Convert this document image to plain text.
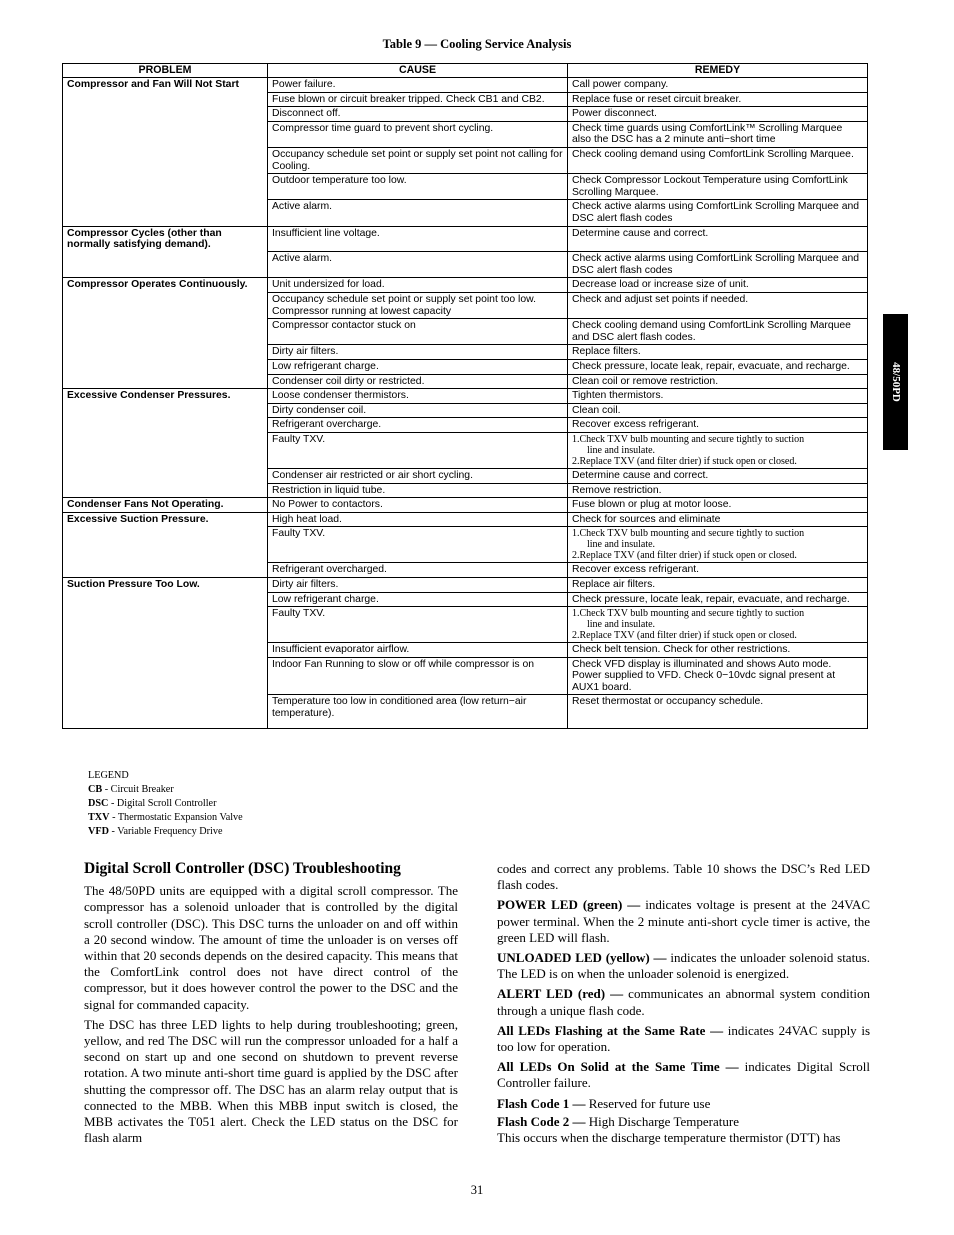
Table 9 — Cooling Service Analysis
PROBLEM	CAUSE	REMEDY
Compressor and Fan Will Not Start	Power failure.	Call power company.
	Fuse blown or circuit breaker tripped. Check CB1 and CB2.	Replace fuse or reset circuit breaker.
	Disconnect off.	Power disconnect.
	Compressor time guard to prevent short cycling.	Check time guards using ComfortLink™ Scrolling Marquee also the DSC has a 2 minute anti−short time
	Occupancy schedule set point or supply set point not calling for Cooling.	Check cooling demand using ComfortLink Scrolling Marquee.
	Outdoor temperature too low.	Check Compressor Lockout Temperature using ComfortLink Scrolling Marquee.
	Active alarm.	Check active alarms using ComfortLink Scrolling Marquee and DSC alert flash codes
Compressor Cycles (other than normally satisfying demand).	Insufficient line voltage.	Determine cause and correct.
	Active alarm.	Check active alarms using ComfortLink Scrolling Marquee and DSC alert flash codes
Compressor Operates Continuously.	Unit undersized for load.	Decrease load or increase size of unit.
	Occupancy schedule set point or supply set point too low. Compressor running at lowest capacity	Check and adjust set points if needed.
	Compressor contactor stuck on	Check cooling demand using ComfortLink Scrolling Marquee and DSC alert flash codes.
	Dirty air filters.	Replace filters.
	Low refrigerant charge.	Check pressure, locate leak, repair, evacuate, and recharge.
	Condenser coil dirty or restricted.	Clean coil or remove restriction.
Excessive Condenser Pressures.	Loose condenser thermistors.	Tighten thermistors.
	Dirty condenser coil.	Clean coil.
	Refrigerant overcharge.	Recover excess refrigerant.
	Faulty TXV.	1.Check TXV bulb mounting and secure tightly to suction
line and insulate.
2.Replace TXV (and filter drier) if stuck open or closed.

	Condenser air restricted or air short cycling.	Determine cause and correct.
	Restriction in liquid tube.	Remove restriction.
Condenser Fans Not Operating.	No Power to contactors.	Fuse blown or plug at motor loose.
Excessive Suction Pressure.	High heat load.	Check for sources and eliminate
	Faulty TXV.	1.Check TXV bulb mounting and secure tightly to suction
line and insulate.
2.Replace TXV (and filter drier) if stuck open or closed.

	Refrigerant overcharged.	Recover excess refrigerant.
Suction Pressure Too Low.	Dirty air filters.	Replace air filters.
	Low refrigerant charge.	Check pressure, locate leak, repair, evacuate, and recharge.
	Faulty TXV.	1.Check TXV bulb mounting and secure tightly to suction
line and insulate.
2.Replace TXV (and filter drier) if stuck open or closed.

	Insufficient evaporator airflow.	Check belt tension. Check for other restrictions.
	Indoor Fan Running to slow or off while compressor is on	Check VFD display is illuminated and shows Auto mode. Power supplied to VFD. Check 0−10vdc signal present at AUX1 board.
	Temperature too low in conditioned area (low return−air temperature).	Reset thermostat or occupancy schedule.
LEGEND
CB - Circuit Breaker
DSC - Digital Scroll Controller
TXV - Thermostatic Expansion Valve
VFD - Variable Frequency Drive
48/50PD
Digital Scroll Controller (DSC) Troubleshooting

The 48/50PD units are equipped with a digital scroll compressor. The compressor has a solenoid unloader that is controlled by the digital scroll controller (DSC). This DSC turns the unloader on and off within a 20 second window. The amount of time the unloader is on verses off within that 20 seconds depends on the desired capacity. This means that the ComfortLink control does not have direct control of the compressor, but it does however control the power to the DSC and the signal for commanded capacity.

The DSC has three LED lights to help during troubleshooting; green, yellow, and red The DSC will run the compressor unloaded for a half a second on start up and one second on shutdown to prevent reverse rotation. A two minute anti-short time guard is applied by the DSC after shutting the compressor off. The DSC has an alarm relay output that is connected to the MBB. When this MBB input switch is closed, the MBB activates the T051 alert. Check the LED status on the DSC for flash alarm

codes and correct any problems. Table 10 shows the DSC’s Red LED flash codes.

POWER LED (green) — indicates voltage is present at the 24VAC power terminal. When the 2 minute anti-short cycle timer is active, the green LED will flash.

UNLOADED LED (yellow) — indicates the unloader solenoid status. The LED is on when the unloader solenoid is energized.

ALERT LED (red) — communicates an abnormal system condition through a unique flash code.

All LEDs Flashing at the Same Rate — indicates 24VAC supply is too low for operation.

All LEDs On Solid at the Same Time — indicates Digital Scroll Controller failure.

Flash Code 1 — Reserved for future use

Flash Code 2 — High Discharge Temperature

This occurs when the discharge temperature thermistor (DTT) has

31
